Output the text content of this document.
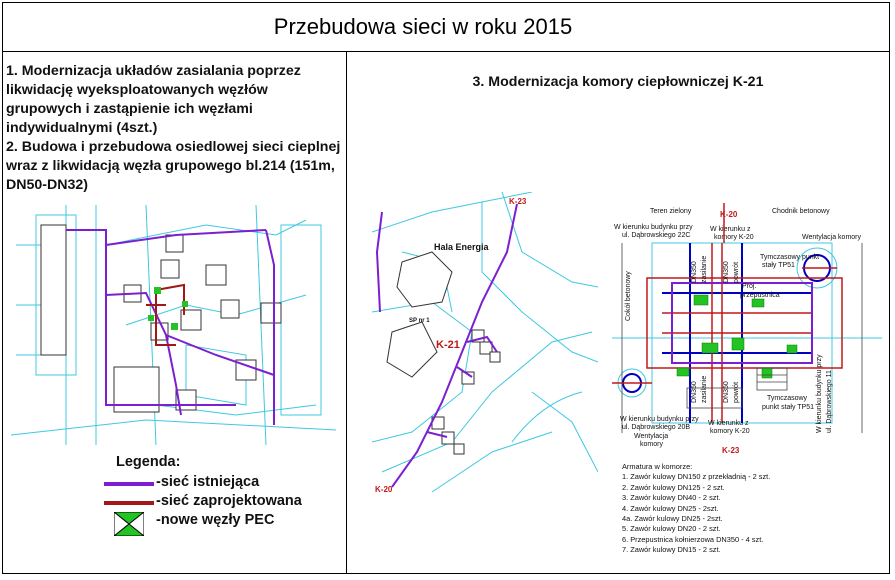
Przebudowa sieci w roku 2015

1. Modernizacja układów zasialania poprzez likwidację wyeksploatowanych węzłów grupowych i zastąpienie ich węzłami indywidualnymi (4szt.)

2. Budowa i przebudowa osiedlowej sieci cieplnej wraz z likwidacją węzła grupowego bl.214 (151m, DN50-DN32)

3. Modernizacja komory ciepłowniczej K-21
Legenda:
-sieć istniejąca
-sieć zaprojektowana
-nowe węzły PEC
K-23
Hala Energia
SP nr 1
K-21
K-20
Teren zielony	K-20	Chodnik betonowy
W kierunku budynku przy
ul. Dąbrowskiego 22C
W kierunku z
komory K-20	Wentylacja komory
Cokół betonowy	DN350 zasilanie DN350 powrót
Tymczasowy punkt
stały TP51
Proj.
przepustnica
DN350 zasilanie DN350 powrót	Tymczasowy
punkt stały TP51 W kierunku budynku przy ul. Dąbrowskiego 11
W kierunku budynku przy
ul. Dąbrowskiego 20B
W kierunku z
komory K-20
Wentylacja
komory
K-23
Armatura w komorze:
1. Zawór kulowy DN150 z przekładnią - 2 szt.
2. Zawór kulowy DN125 - 2 szt.
3. Zawór kulowy DN40 - 2 szt.
4. Zawór kulowy DN25 - 2szt.
4a. Zawór kulowy DN25 - 2szt.
5. Zawór kulowy DN20 - 2 szt.
6. Przepustnica kołnierzowa DN350 - 4 szt.
7. Zawór kulowy DN15 - 2 szt.
